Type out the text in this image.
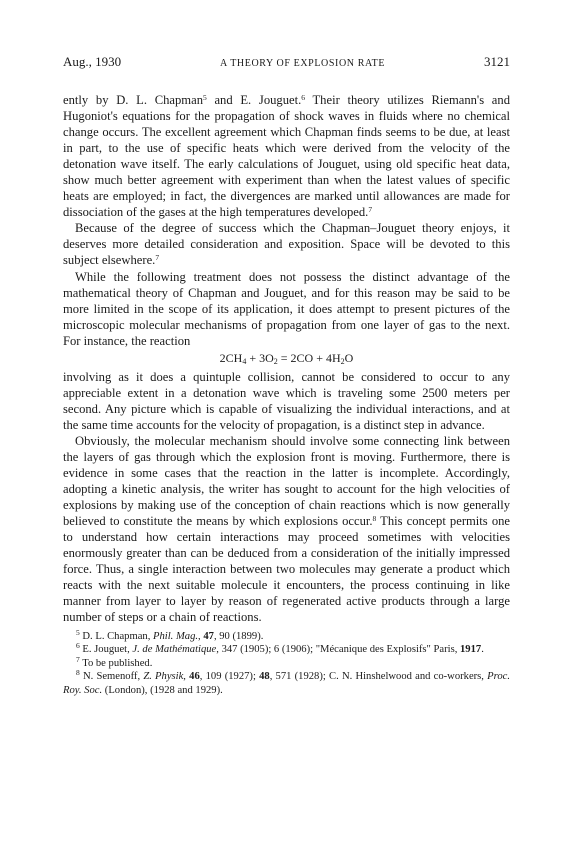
Aug., 1930	A THEORY OF EXPLOSION RATE	3121

ently by D. L. Chapman$^5$ and E. Jouguet.$^6$ Their theory utilizes Riemann's and Hugoniot's equations for the propagation of shock waves in fluids where no chemical change occurs. The excellent agreement which Chapman finds seems to be due, at least in part, to the use of specific heats which were derived from the velocity of the detonation wave itself. The early calculations of Jouguet, using old specific heat data, show much better agreement with experiment than when the latest values of specific heats are employed; in fact, the divergences are marked until allowances are made for dissociation of the gases at the high temperatures developed.$^7$

Because of the degree of success which the Chapman–Jouguet theory enjoys, it deserves more detailed consideration and exposition. Space will be devoted to this subject elsewhere.$^7$

While the following treatment does not possess the distinct advantage of the mathematical theory of Chapman and Jouguet, and for this reason may be said to be more limited in the scope of its application, it does attempt to present pictures of the microscopic molecular mechanisms of propagation from one layer of gas to the next. For instance, the reaction

$2CH_4 + 3O_2 = 2CO + 4H_2O$

involving as it does a quintuple collision, cannot be considered to occur to any appreciable extent in a detonation wave which is traveling some 2500 meters per second. Any picture which is capable of visualizing the individual interactions, and at the same time accounts for the velocity of propagation, is a distinct step in advance.

Obviously, the molecular mechanism should involve some connecting link between the layers of gas through which the explosion front is moving. Furthermore, there is evidence in some cases that the reaction in the latter is incomplete. Accordingly, adopting a kinetic analysis, the writer has sought to account for the high velocities of explosions by making use of the conception of chain reactions which is now generally believed to constitute the means by which explosions occur.$^8$ This concept permits one to understand how certain interactions may proceed sometimes with velocities enormously greater than can be deduced from a consideration of the initially impressed force. Thus, a single interaction between two molecules may generate a product which reacts with the next suitable molecule it encounters, the process continuing in like manner from layer to layer by reason of regenerated active products through a large number of steps or a chain of reactions.

$^5$ D. L. Chapman, Phil. Mag., 47, 90 (1899).

$^6$ E. Jouguet, J. de Mathématique, 347 (1905); 6 (1906); "Mécanique des Explosifs" Paris, 1917.

$^7$ To be published.

$^8$ N. Semenoff, Z. Physik, 46, 109 (1927); 48, 571 (1928); C. N. Hinshelwood and co-workers, Proc. Roy. Soc. (London), (1928 and 1929).
